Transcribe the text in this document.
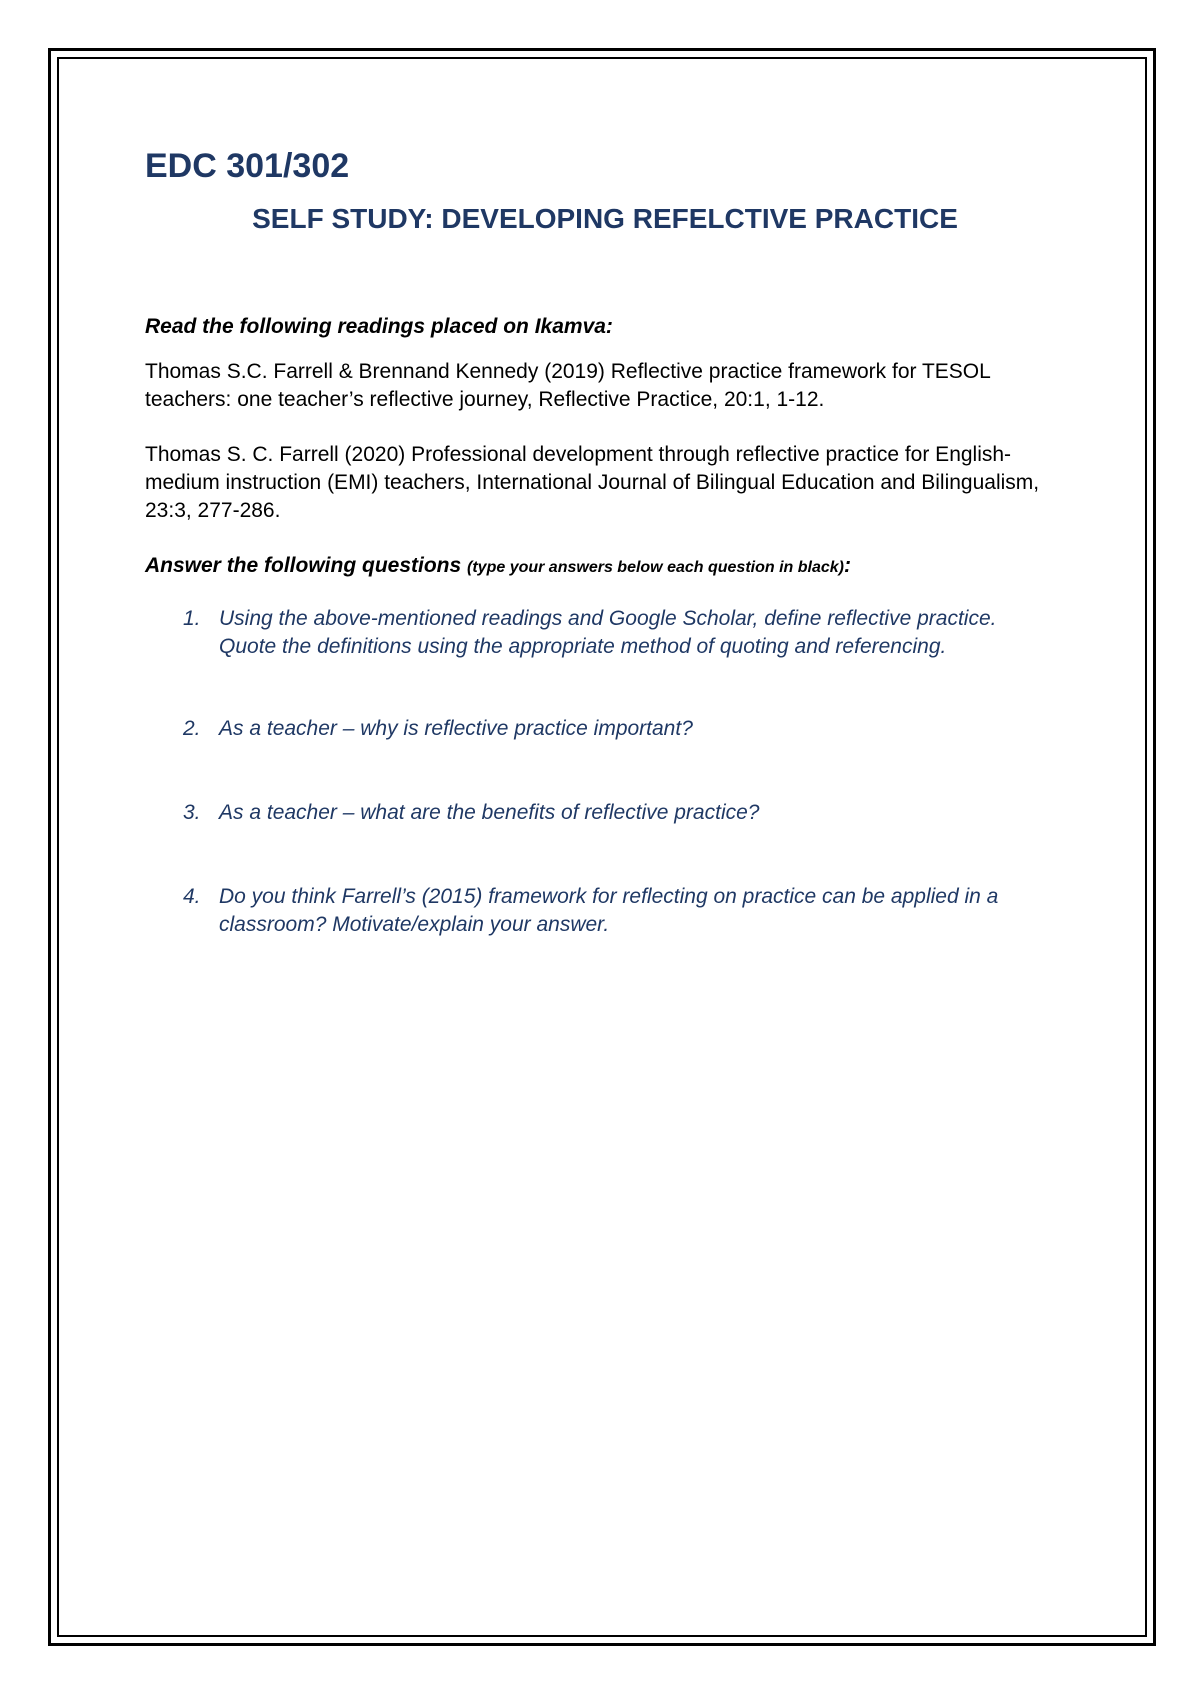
EDC 301/302
SELF STUDY: DEVELOPING REFELCTIVE PRACTICE

Read the following readings placed on Ikamva:

Thomas S.C. Farrell & Brennand Kennedy (2019) Reflective practice framework for TESOL teachers: one teacher’s reflective journey, Reflective Practice, 20:1, 1-12.

Thomas S. C. Farrell (2020) Professional development through reflective practice for English-medium instruction (EMI) teachers, International Journal of Bilingual Education and Bilingualism, 23:3, 277-286.

Answer the following questions (type your answers below each question in black):

1. Using the above-mentioned readings and Google Scholar, define reflective practice. Quote the definitions using the appropriate method of quoting and referencing.
2. As a teacher – why is reflective practice important?
3. As a teacher – what are the benefits of reflective practice?
4. Do you think Farrell’s (2015) framework for reflecting on practice can be applied in a classroom? Motivate/explain your answer.
